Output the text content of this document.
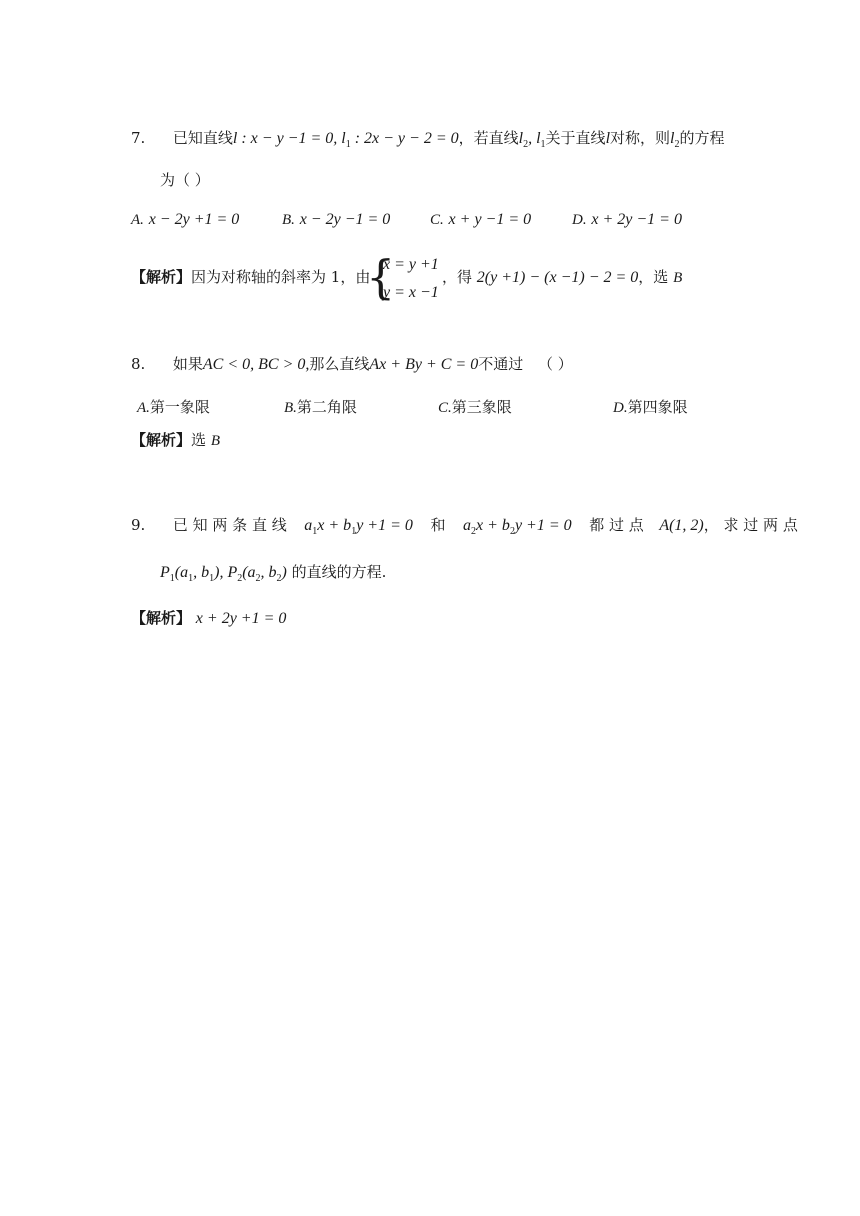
7. 已知直线l : x − y −1 = 0, $l_1$ : 2x − y − 2 = 0，若直线$l_2$, $l_1$关于直线l对称，则$l_2$的方程
为（ ）
A. x − 2y +1 = 0	B. x − 2y −1 = 0	C. x + y −1 = 0	D. x + 2y −1 = 0
【解析】因为对称轴的斜率为 1，由
{
x = y +1
y = x −1
，得 2(y +1) − (x −1) − 2 = 0，选 B
8. 如果AC < 0, BC > 0,那么直线Ax + By + C = 0不通过 （ ）
A.第一象限	B.第二角限	C.第三象限	D.第四象限
【解析】选 B
9. 已 知 两 条 直 线 $a_1x + b_1y +1 = 0$ 和 $a_2x + b_2y +1 = 0$ 都 过 点 A(1, 2)， 求 过 两 点
$P_1(a_1$, $b_1$), $P_2(a_2$, $b_2$) 的直线的方程.
【解析】 x + 2y +1 = 0
